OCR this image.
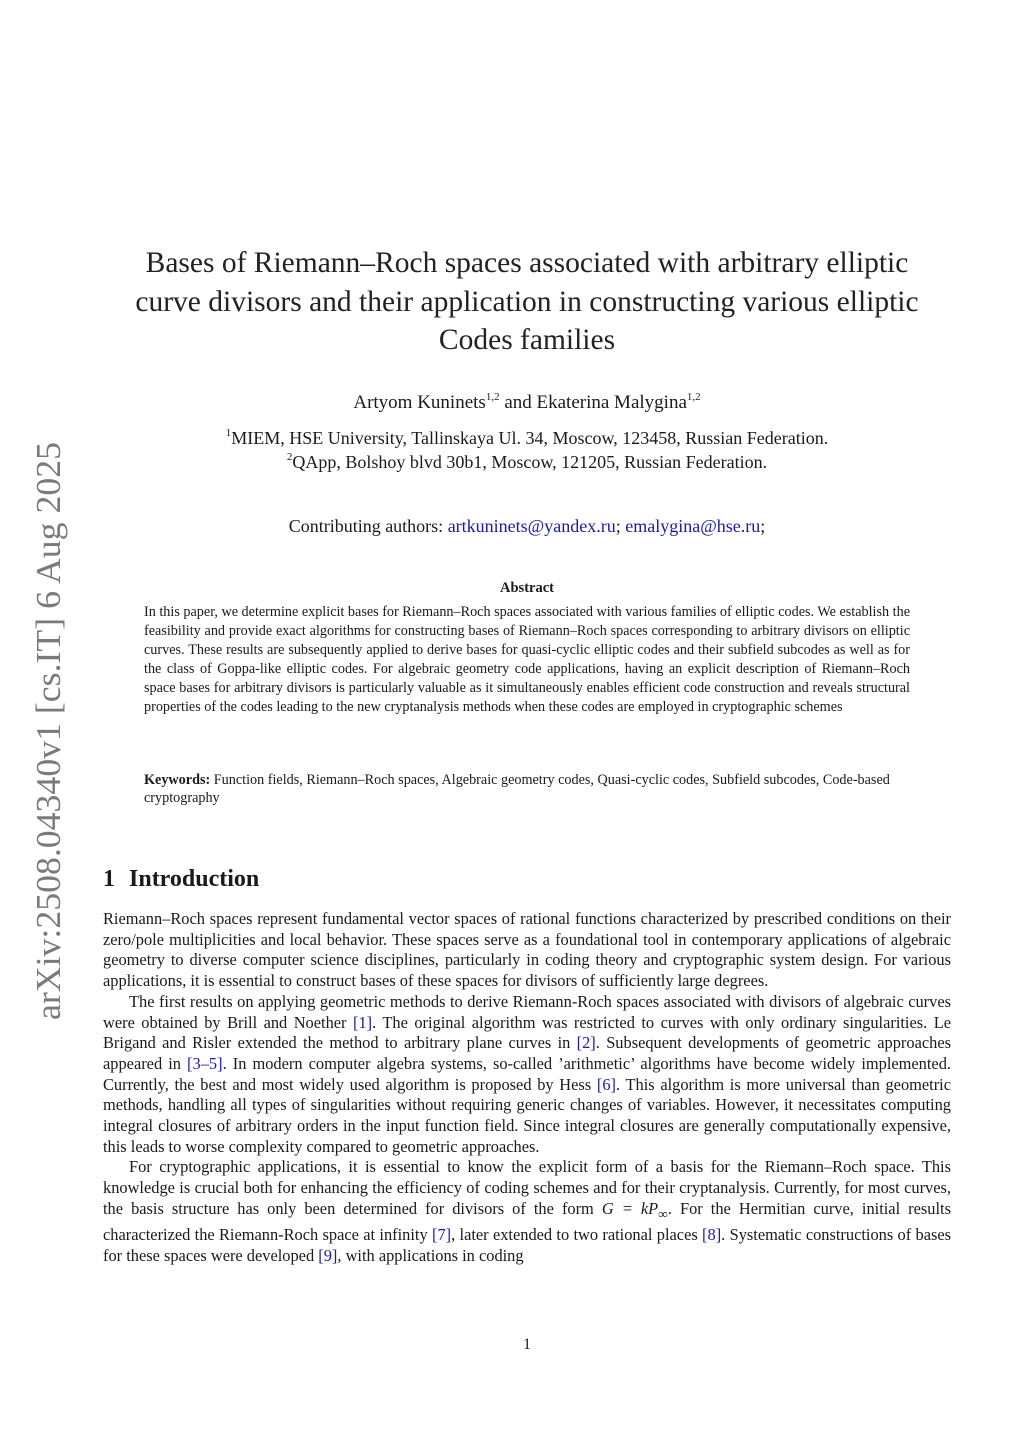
arXiv:2508.04340v1 [cs.IT] 6 Aug 2025
Bases of Riemann–Roch spaces associated with arbitrary elliptic
curve divisors and their application in constructing various elliptic
Codes families
Artyom Kuninets$^{1,2}$ and Ekaterina Malygina$^{1,2}$
$^1$MIEM, HSE University, Tallinskaya Ul. 34, Moscow, 123458, Russian Federation.
$^2$QApp, Bolshoy blvd 30b1, Moscow, 121205, Russian Federation.
Contributing authors: artkuninets@yandex.ru; emalygina@hse.ru;
Abstract
In this paper, we determine explicit bases for Riemann–Roch spaces associated with various families of elliptic codes. We establish the feasibility and provide exact algorithms for constructing bases of Riemann–Roch spaces corresponding to arbitrary divisors on elliptic curves. These results are subsequently applied to derive bases for quasi-cyclic elliptic codes and their subfield subcodes as well as for the class of Goppa-like elliptic codes. For algebraic geometry code applications, having an explicit description of Riemann–Roch space bases for arbitrary divisors is particularly valuable as it simultaneously enables efficient code construction and reveals structural properties of the codes leading to the new cryptanalysis methods when these codes are employed in cryptographic schemes
Keywords: Function fields, Riemann–Roch spaces, Algebraic geometry codes, Quasi-cyclic codes, Subfield subcodes, Code-based cryptography
1 Introduction

Riemann–Roch spaces represent fundamental vector spaces of rational functions characterized by prescribed conditions on their zero/pole multiplicities and local behavior. These spaces serve as a foundational tool in contemporary applications of algebraic geometry to diverse computer science disciplines, particularly in coding theory and cryptographic system design. For various applications, it is essential to construct bases of these spaces for divisors of sufficiently large degrees.

The first results on applying geometric methods to derive Riemann-Roch spaces associated with divisors of algebraic curves were obtained by Brill and Noether [1]. The original algorithm was restricted to curves with only ordinary singularities. Le Brigand and Risler extended the method to arbitrary plane curves in [2]. Subsequent developments of geometric approaches appeared in [3–5]. In modern computer algebra systems, so-called ’arithmetic’ algorithms have become widely implemented. Currently, the best and most widely used algorithm is proposed by Hess [6]. This algorithm is more universal than geometric methods, handling all types of singularities without requiring generic changes of variables. However, it necessitates computing integral closures of arbitrary orders in the input function field. Since integral closures are generally computationally expensive, this leads to worse complexity compared to geometric approaches.

For cryptographic applications, it is essential to know the explicit form of a basis for the Riemann–Roch space. This knowledge is crucial both for enhancing the efficiency of coding schemes and for their cryptanalysis. Currently, for most curves, the basis structure has only been determined for divisors of the form $G = kP_\infty$. For the Hermitian curve, initial results characterized the Riemann-Roch space at infinity [7], later extended to two rational places [8]. Systematic constructions of bases for these spaces were developed [9], with applications in coding

1
